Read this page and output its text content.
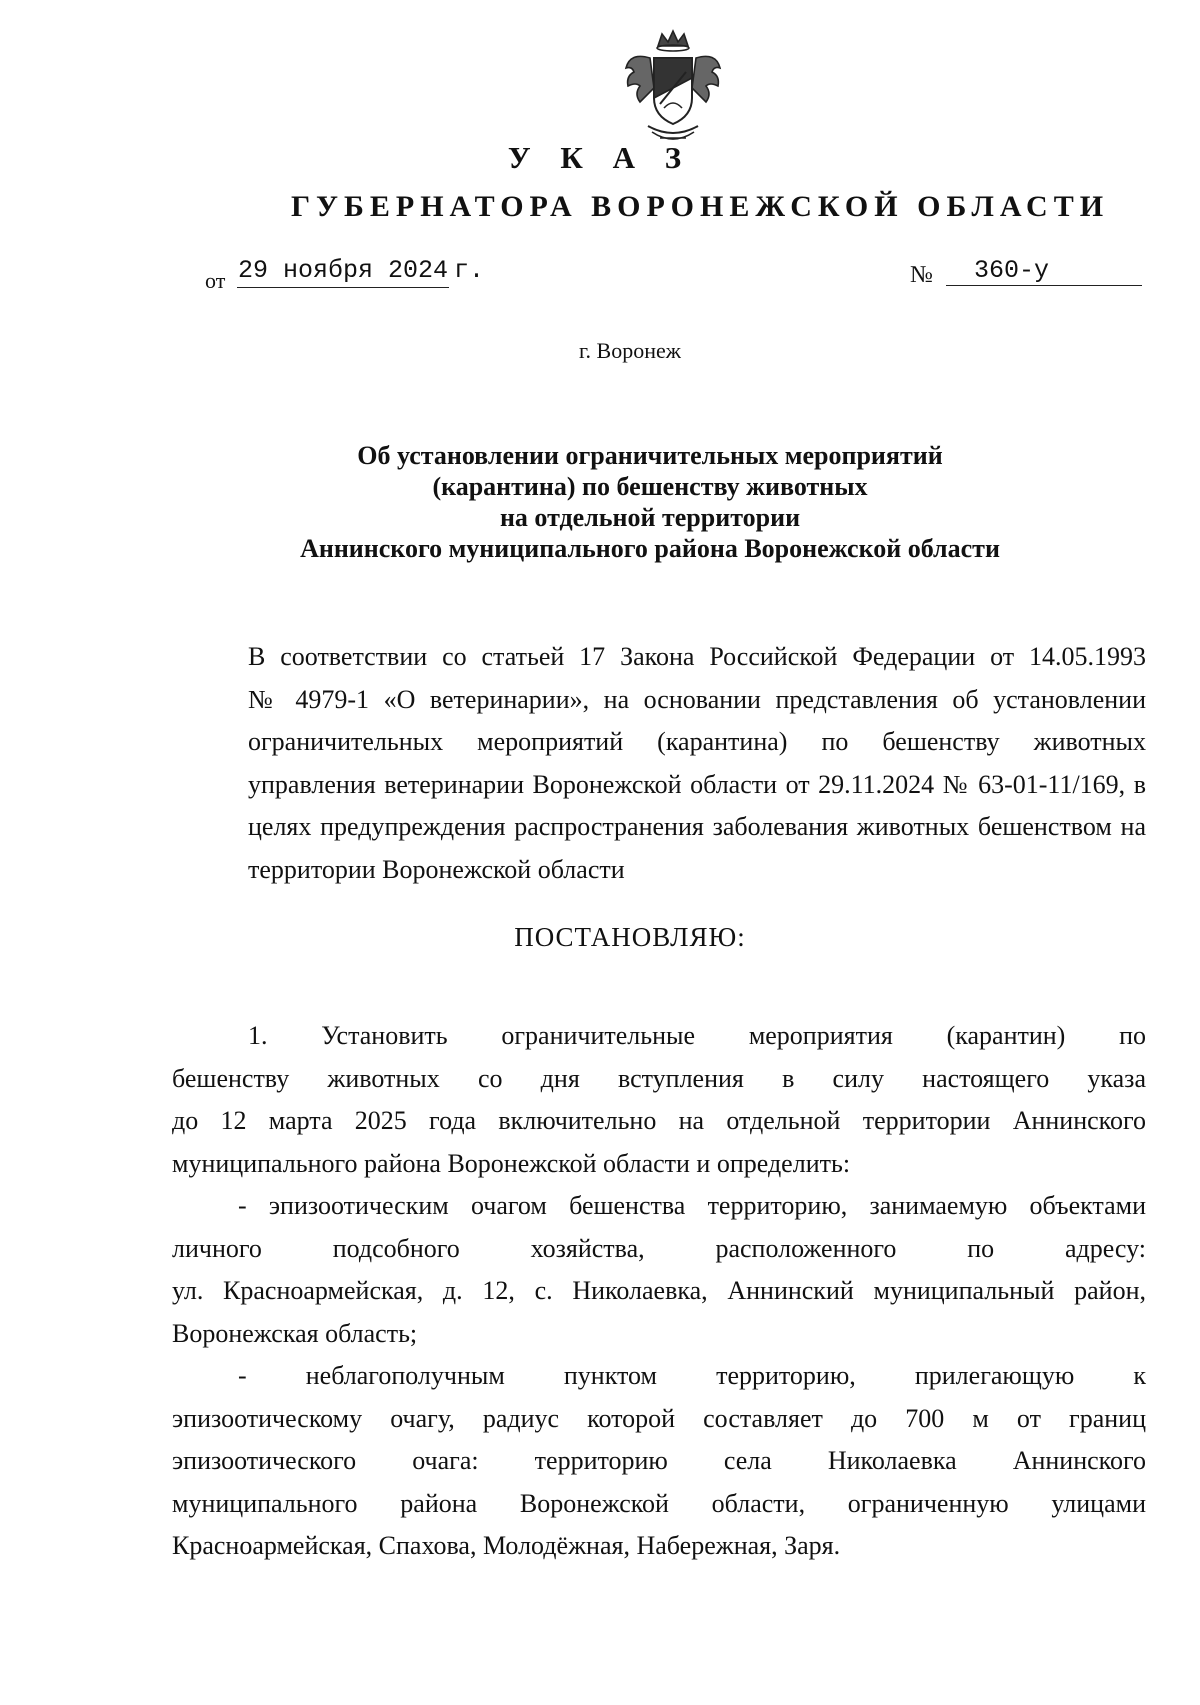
У К А З
ГУБЕРНАТОРА ВОРОНЕЖСКОЙ ОБЛАСТИ
от 29 ноября 2024 г.	№	360-у
г. Воронеж
Об установлении ограничительных мероприятий
(карантина) по бешенству животных
на отдельной территории
Аннинского муниципального района Воронежской области
В соответствии со статьей 17 Закона Российской Федерации от 14.05.1993
№ 4979-1 «О ветеринарии», на основании представления об установлении
ограничительных мероприятий (карантина) по бешенству животных
управления ветеринарии Воронежской области от 29.11.2024 № 63-01-11/169, в
целях предупреждения распространения заболевания животных бешенством на
территории Воронежской области
ПОСТАНОВЛЯЮ:
1. Установить ограничительные мероприятия (карантин) по
бешенству животных со дня вступления в силу настоящего указа
до 12 марта 2025 года включительно на отдельной территории Аннинского
муниципального района Воронежской области и определить:
- эпизоотическим очагом бешенства территорию, занимаемую объектами
личного подсобного хозяйства, расположенного по адресу:
ул. Красноармейская, д. 12, с. Николаевка, Аннинский муниципальный район,
Воронежская область;
- неблагополучным пунктом территорию, прилегающую к
эпизоотическому очагу, радиус которой составляет до 700 м от границ
эпизоотического очага: территорию села Николаевка Аннинского
муниципального района Воронежской области, ограниченную улицами
Красноармейская, Спахова, Молодёжная, Набережная, Заря.
